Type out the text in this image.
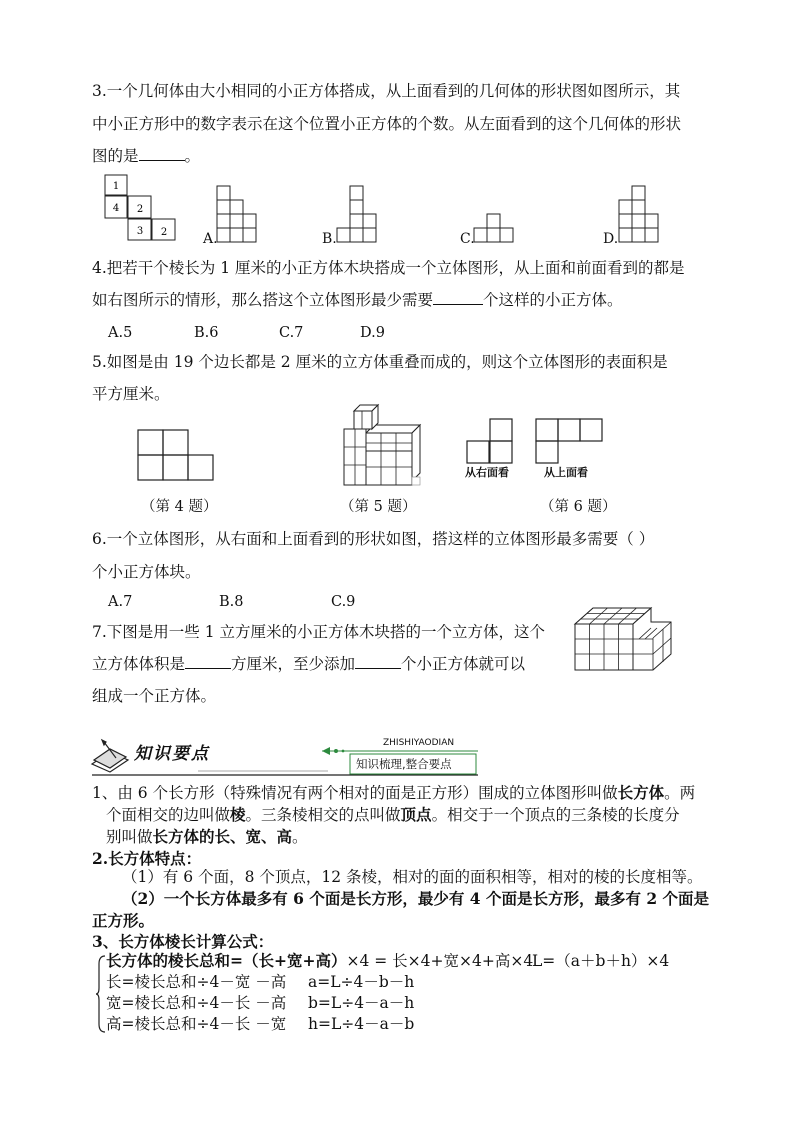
3.一个几何体由大小相同的小正方体搭成，从上面看到的几何体的形状图如图所示，其
中小正方形中的数字表示在这个位置小正方体的个数。从左面看到的这个几何体的形状
图的是	。
1
4 2
3 2	A.	B.	C.	D.
4.把若干个棱长为 1 厘米的小正方体木块搭成一个立体图形，从上面和前面看到的都是
如右图所示的情形，那么搭这个立体图形最少需要	个这样的小正方体。
A.5	B.6	C.7	D.9
5.如图是由 19 个边长都是 2 厘米的立方体重叠而成的，则这个立体图形的表面积是
平方厘米。
从右面看	从上面看
（第 4 题）	（第 5 题）	（第 6 题）
6.一个立体图形，从右面和上面看到的形状如图，搭这样的立体图形最多需要（ ）
个小正方体块。
A.7	B.8	C.9
7.下图是用一些 1 立方厘米的小正方体木块搭的一个立方体，这个
立方体体积是	方厘米，至少添加	个小正方体就可以
组成一个正方体。
知识要点
ZHISHIYAODIAN
知识梳理,整合要点
1、由 6 个长方形（特殊情况有两个相对的面是正方形）围成的立体图形叫做长方体。两
个面相交的边叫做棱。三条棱相交的点叫做顶点。相交于一个顶点的三条棱的长度分
别叫做长方体的长、宽、高。
2.长方体特点：
（1）有 6 个面，8 个顶点，12 条棱，相对的面的面积相等，相对的棱的长度相等。
（2）一个长方体最多有 6 个面是长方形，最少有 4 个面是长方形，最多有 2 个面是
正方形。
3、长方体棱长计算公式：
长方体的棱长总和=（长+宽+高）×4 = 长×4+宽×4+高×4
L=（a＋b＋h）×4
长=棱长总和÷4－宽 －高 a=L÷4－b－h
宽=棱长总和÷4－长 －高 b=L÷4－a－h
高=棱长总和÷4－长 －宽 h=L÷4－a－b
